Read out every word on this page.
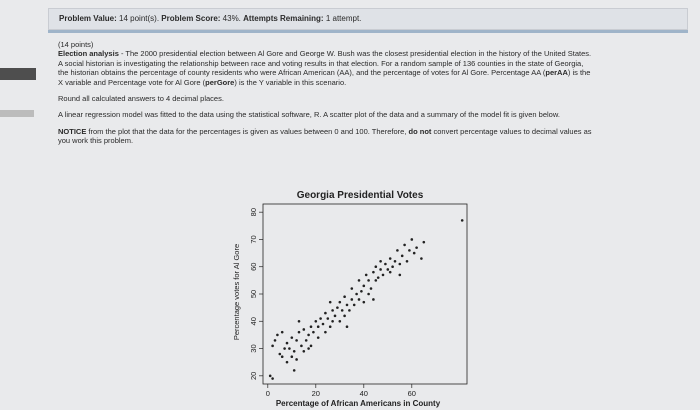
Problem Value: 14 point(s). Problem Score: 43%. Attempts Remaining: 1 attempt.

(14 points)

Election analysis - The 2000 presidential election between Al Gore and George W. Bush was the closest presidential election in the history of the United States.

A social historian is investigating the relationship between race and voting results in that election. For a random sample of 136 counties in the state of Georgia,

the historian obtains the percentage of county residents who were African American (AA), and the percentage of votes for Al Gore. Percentage AA (perAA) is the

X variable and Percentage vote for Al Gore (perGore) is the Y variable in this scenario.

Round all calculated answers to 4 decimal places.

A linear regression model was fitted to the data using the statistical software, R. A scatter plot of the data and a summary of the model fit is given below.

NOTICE from the plot that the data for the percentages is given as values between 0 and 100. Therefore, do not convert percentage values to decimal values as

you work this problem.

Georgia Presidential Votes
0	20	40	60
20
30
40
50
60
70
80
Percentage of African Americans in County
Percentage votes for Al Gore
